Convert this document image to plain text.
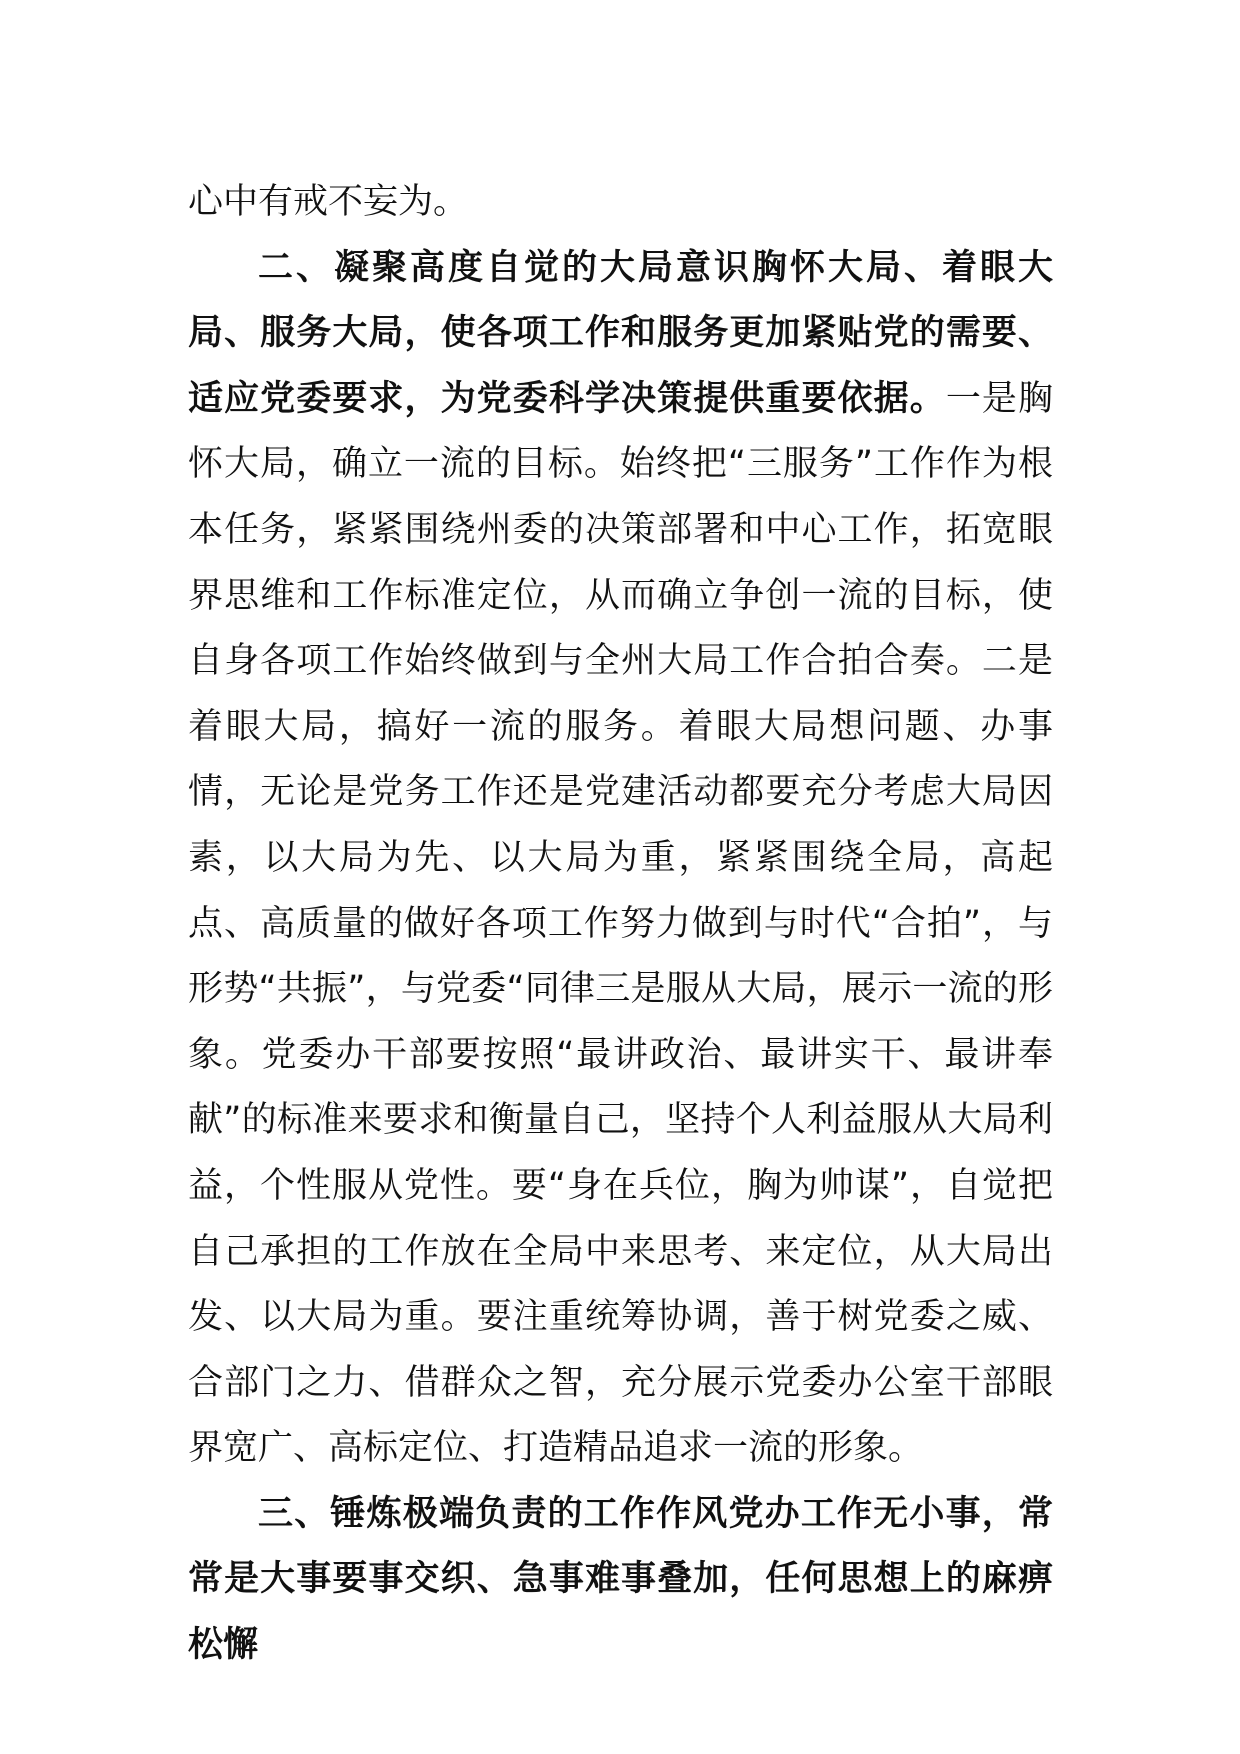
心中有戒不妄为。

二、凝聚高度自觉的大局意识胸怀大局、着眼大局、服务大局，使各项工作和服务更加紧贴党的需要、适应党委要求，为党委科学决策提供重要依据。一是胸怀大局，确立一流的目标。始终把“三服务”工作作为根本任务，紧紧围绕州委的决策部署和中心工作，拓宽眼界思维和工作标准定位，从而确立争创一流的目标，使自身各项工作始终做到与全州大局工作合拍合奏。二是着眼大局，搞好一流的服务。着眼大局想问题、办事情，无论是党务工作还是党建活动都要充分考虑大局因素，以大局为先、以大局为重，紧紧围绕全局，高起点、高质量的做好各项工作努力做到与时代“合拍”，与形势“共振”，与党委“同律三是服从大局，展示一流的形象。党委办干部要按照“最讲政治、最讲实干、最讲奉献”的标准来要求和衡量自己，坚持个人利益服从大局利益，个性服从党性。要“身在兵位，胸为帅谋”，自觉把自己承担的工作放在全局中来思考、来定位，从大局出发、以大局为重。要注重统筹协调，善于树党委之威、合部门之力、借群众之智，充分展示党委办公室干部眼界宽广、高标定位、打造精品追求一流的形象。

三、锤炼极端负责的工作作风党办工作无小事，常常是大事要事交织、急事难事叠加，任何思想上的麻痹松懈
